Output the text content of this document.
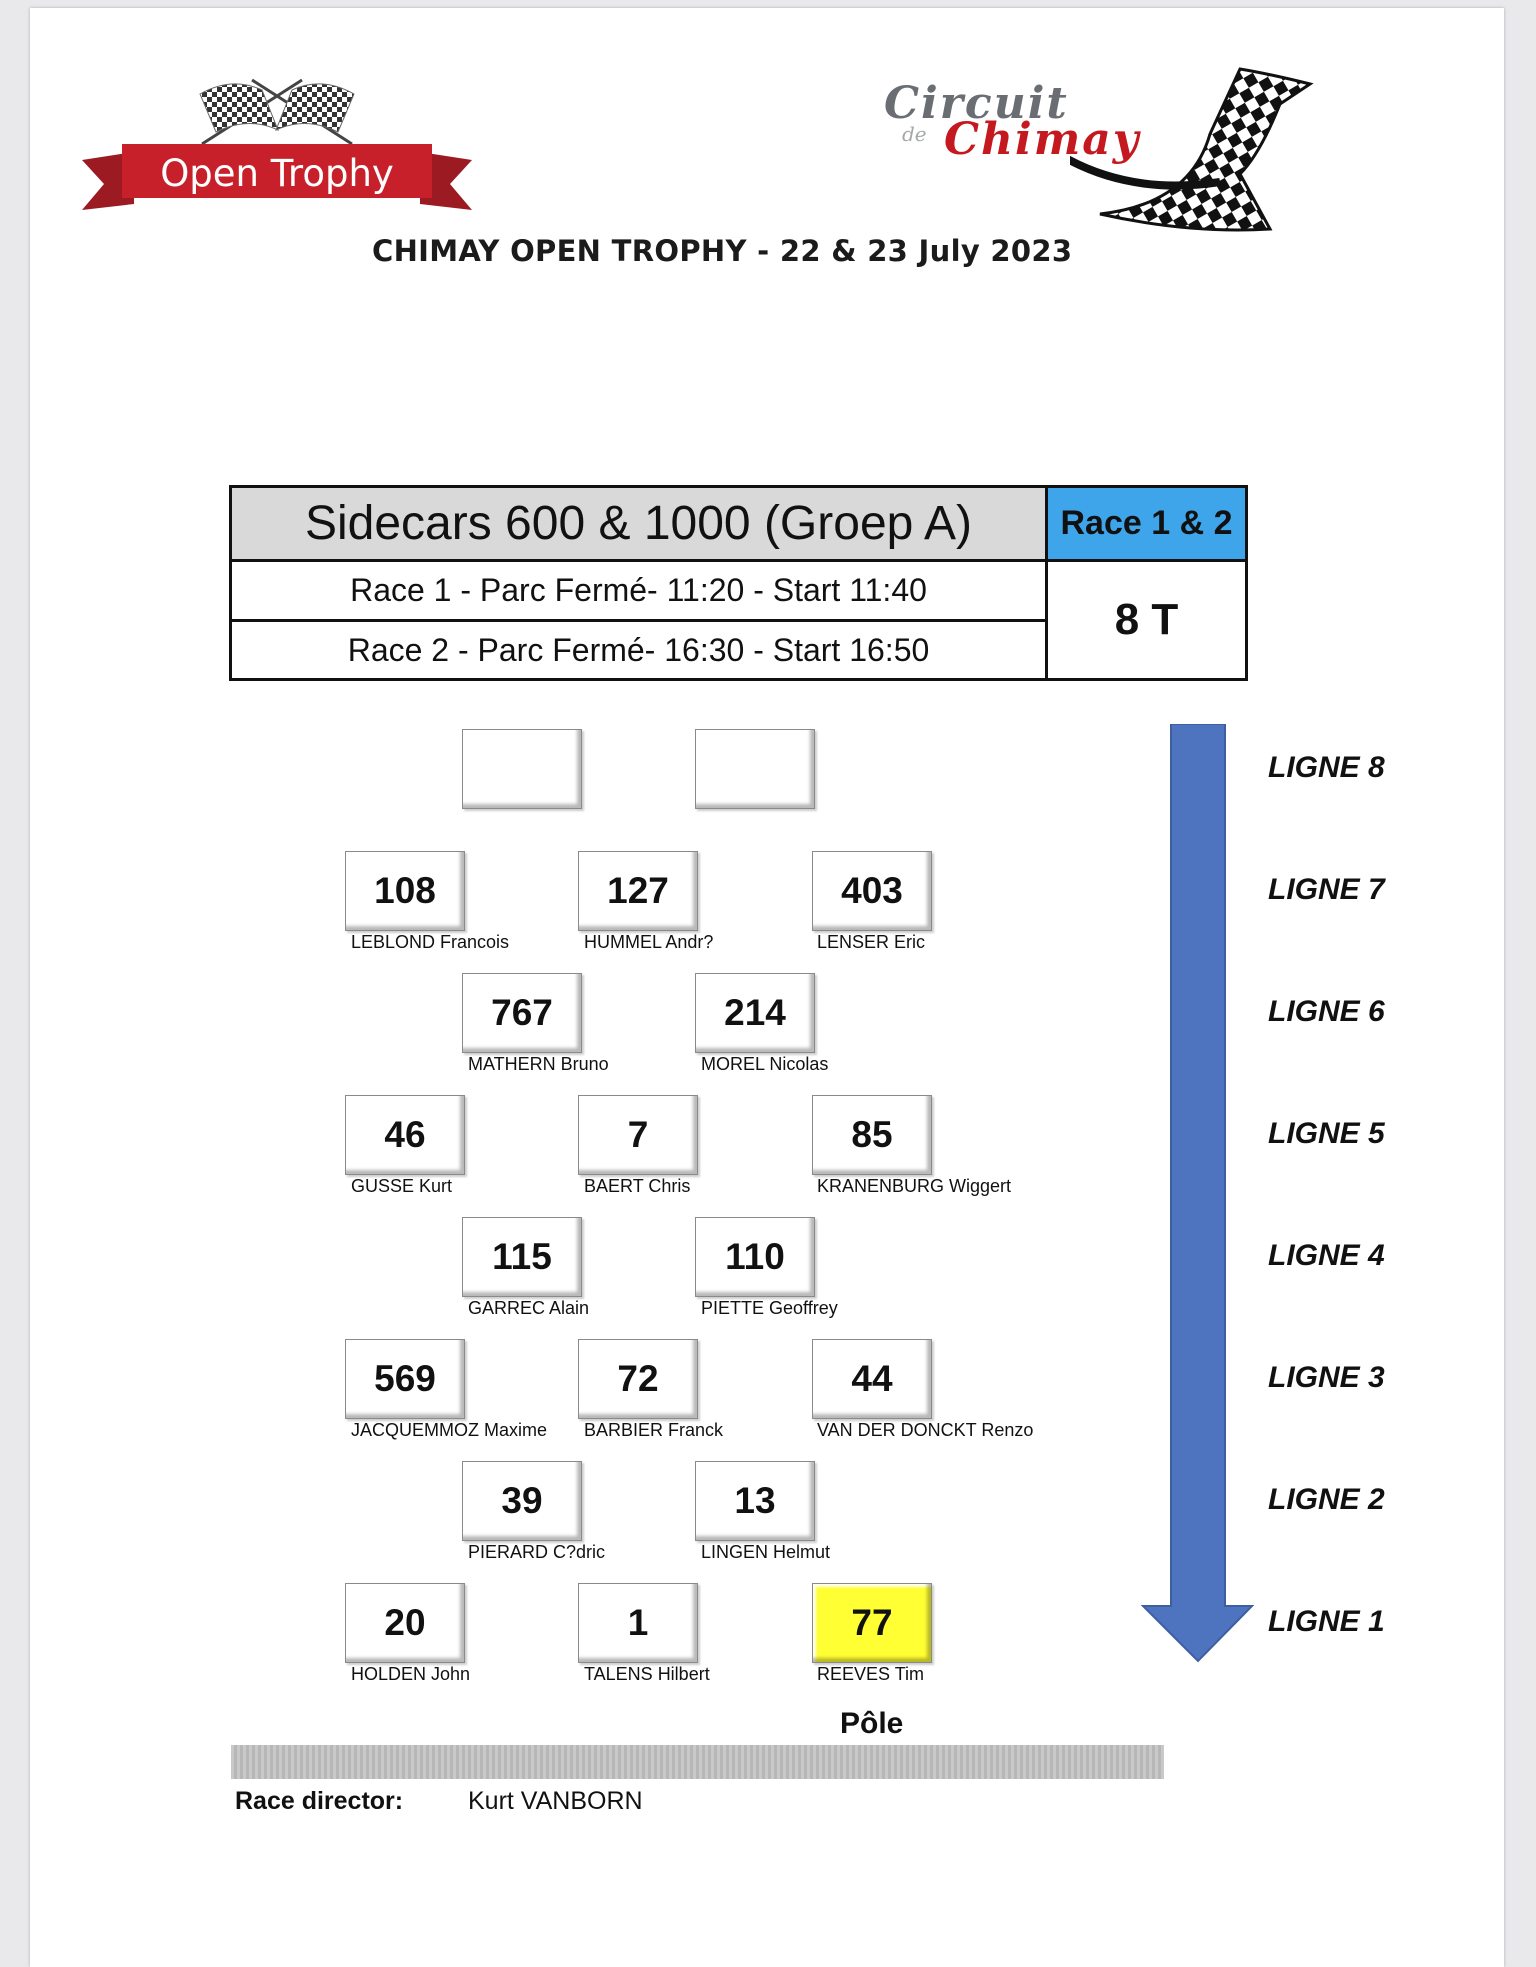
Open Trophy
Circuit
de Chimay
CHIMAY OPEN TROPHY - 22 & 23 July 2023
Sidecars 600 & 1000 (Groep A)	Race 1 & 2
Race 1 - Parc Fermé- 11:20 - Start 11:40
Race 2 - Parc Fermé- 16:30 - Start 16:50
8 T
108
LEBLOND Francois
127
HUMMEL Andr?
403
LENSER Eric
767
MATHERN Bruno
214
MOREL Nicolas
46
GUSSE Kurt
7
BAERT Chris
85
KRANENBURG Wiggert
115
GARREC Alain
110
PIETTE Geoffrey
569
JACQUEMMOZ Maxime
72
BARBIER Franck
44
VAN DER DONCKT Renzo
39
PIERARD C?dric
13
LINGEN Helmut
20
HOLDEN John
1
TALENS Hilbert
77
REEVES Tim
LIGNE 8
LIGNE 7
LIGNE 6
LIGNE 5
LIGNE 4
LIGNE 3
LIGNE 2
LIGNE 1
Pôle
Race director:	Kurt VANBORN
